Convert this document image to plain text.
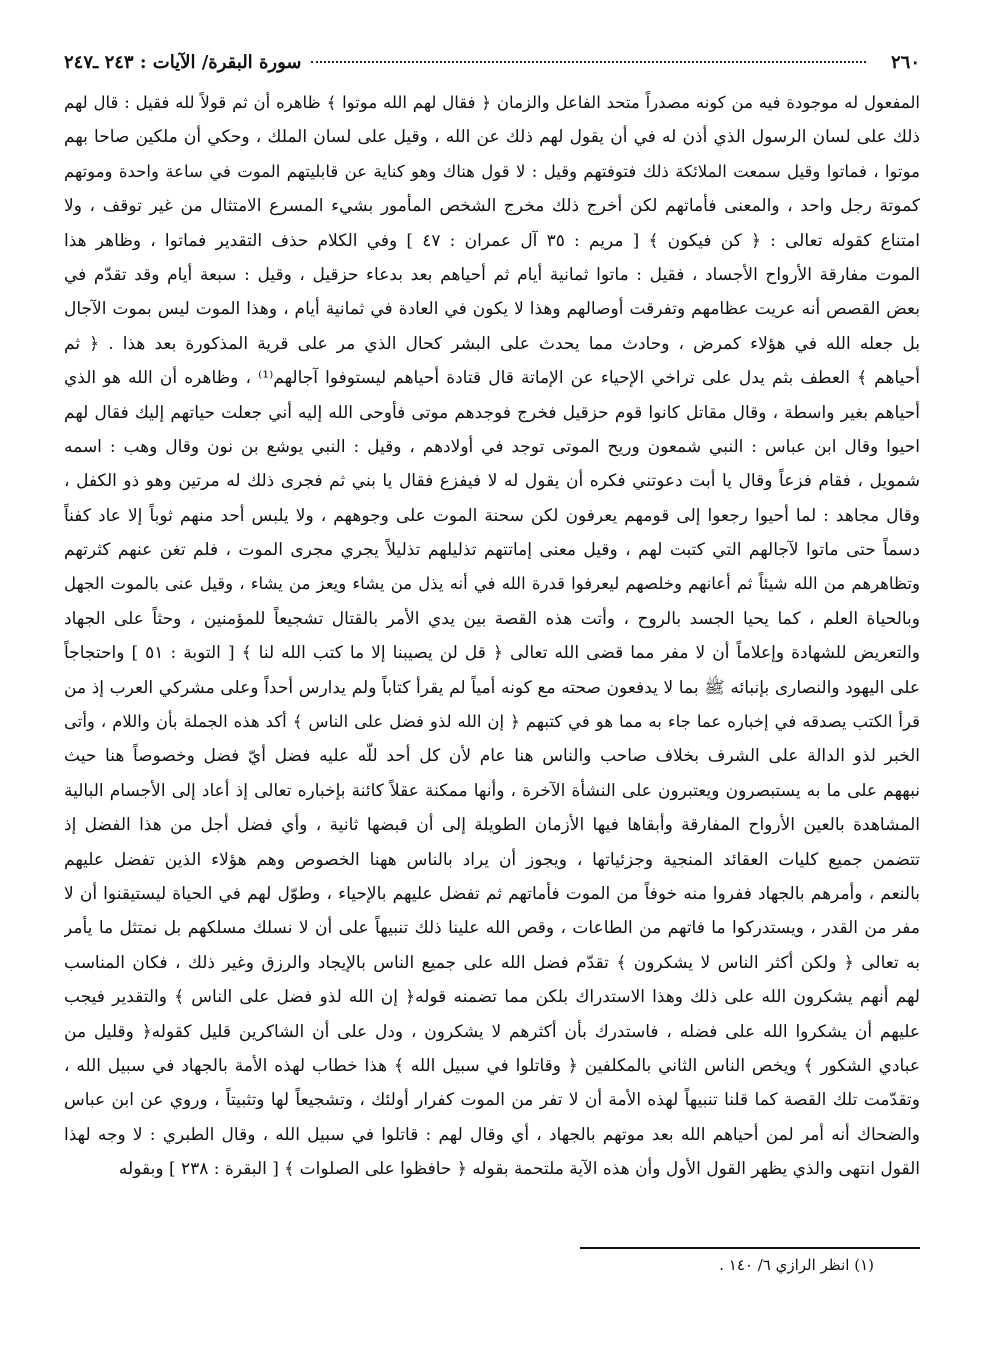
٢٦٠
سورة البقرة/ الآيات : ٢٤٣ ـ٢٤٧
المفعول له موجودة فيه من كونه مصدراً متحد الفاعل والزمان ﴿ فقال لهم الله موتوا ﴾ ظاهره أن ثم قولاً لله فقيل : قال لهم
ذلك على لسان الرسول الذي أذن له في أن يقول لهم ذلك عن الله ، وقيل على لسان الملك ، وحكي أن ملكين صاحا بهم
موتوا ، فماتوا وقيل سمعت الملائكة ذلك فتوفتهم وقيل : لا قول هناك وهو كناية عن قابليتهم الموت في ساعة واحدة وموتهم
كموتة رجل واحد ، والمعنى فأماتهم لكن أخرج ذلك مخرج الشخص المأمور بشيء المسرع الامتثال من غير توقف ، ولا
امتناع كقوله تعالى : ﴿ كن فيكون ﴾ [ مريم : ٣٥ آل عمران : ٤٧ ] وفي الكلام حذف التقدير فماتوا ، وظاهر هذا
الموت مفارقة الأرواح الأجساد ، فقيل : ماتوا ثمانية أيام ثم أحياهم بعد بدعاء حزقيل ، وقيل : سبعة أيام وقد تقدّم في
بعض القصص أنه عريت عظامهم وتفرقت أوصالهم وهذا لا يكون في العادة في ثمانية أيام ، وهذا الموت ليس بموت الآجال
بل جعله الله في هؤلاء كمرض ، وحادث مما يحدث على البشر كحال الذي مر على قرية المذكورة بعد هذا . ﴿ ثم
أحياهم ﴾ العطف بثم يدل على تراخي الإحياء عن الإماتة قال قتادة أحياهم ليستوفوا آجالهم⁽¹⁾ ، وظاهره أن الله هو الذي
أحياهم بغير واسطة ، وقال مقاتل كانوا قوم حزقيل فخرج فوجدهم موتى فأوحى الله إليه أني جعلت حياتهم إليك فقال لهم
احيوا وقال ابن عباس : النبي شمعون وريح الموتى توجد في أولادهم ، وقيل : النبي يوشع بن نون وقال وهب : اسمه
شمويل ، فقام فزعاً وقال يا أبت دعوتني فكره أن يقول له لا فيفزع فقال يا بني ثم فجرى ذلك له مرتين وهو ذو الكفل ،
وقال مجاهد : لما أحيوا رجعوا إلى قومهم يعرفون لكن سحنة الموت على وجوههم ، ولا يلبس أحد منهم ثوباً إلا عاد كفناً
دسماً حتى ماتوا لآجالهم التي كتبت لهم ، وقيل معنى إماتتهم تذليلهم تذليلاً يجري مجرى الموت ، فلم تغن عنهم كثرتهم
وتظاهرهم من الله شيئاً ثم أعانهم وخلصهم ليعرفوا قدرة الله في أنه يذل من يشاء ويعز من يشاء ، وقيل عنى بالموت الجهل
وبالحياة العلم ، كما يحيا الجسد بالروح ، وأتت هذه القصة بين يدي الأمر بالقتال تشجيعاً للمؤمنين ، وحثاً على الجهاد
والتعريض للشهادة وإعلاماً أن لا مفر مما قضى الله تعالى ﴿ قل لن يصيبنا إلا ما كتب الله لنا ﴾ [ التوبة : ٥١ ] واحتجاجاً
على اليهود والنصارى بإنبائه ﷺ بما لا يدفعون صحته مع كونه أمياً لم يقرأ كتاباً ولم يدارس أحداً وعلى مشركي العرب إذ من
قرأ الكتب يصدقه في إخباره عما جاء به مما هو في كتبهم ﴿ إن الله لذو فضل على الناس ﴾ أكد هذه الجملة بأن واللام ، وأتى
الخبر لذو الدالة على الشرف بخلاف صاحب والناس هنا عام لأن كل أحد للّه عليه فضل أيّ فضل وخصوصاً هنا حيث
نبههم على ما به يستبصرون ويعتبرون على النشأة الآخرة ، وأنها ممكنة عقلاً كائنة بإخباره تعالى إذ أعاد إلى الأجسام البالية
المشاهدة بالعين الأرواح المفارقة وأبقاها فيها الأزمان الطويلة إلى أن قبضها ثانية ، وأي فضل أجل من هذا الفضل إذ
تتضمن جميع كليات العقائد المنجية وجزئياتها ، ويجوز أن يراد بالناس ههنا الخصوص وهم هؤلاء الذين تفضل عليهم
بالنعم ، وأمرهم بالجهاد ففروا منه خوفاً من الموت فأماتهم ثم تفضل عليهم بالإحياء ، وطوّل لهم في الحياة ليستيقنوا أن لا
مفر من القدر ، ويستدركوا ما فاتهم من الطاعات ، وقص الله علينا ذلك تنبيهاً على أن لا نسلك مسلكهم بل نمتثل ما يأمر
به تعالى ﴿ ولكن أكثر الناس لا يشكرون ﴾ تقدّم فضل الله على جميع الناس بالإيجاد والرزق وغير ذلك ، فكان المناسب
لهم أنهم يشكرون الله على ذلك وهذا الاستدراك بلكن مما تضمنه قوله﴿ إن الله لذو فضل على الناس ﴾ والتقدير فيجب
عليهم أن يشكروا الله على فضله ، فاستدرك بأن أكثرهم لا يشكرون ، ودل على أن الشاكرين قليل كقوله﴿ وقليل من
عبادي الشكور ﴾ ويخص الناس الثاني بالمكلفين ﴿ وقاتلوا في سبيل الله ﴾ هذا خطاب لهذه الأمة بالجهاد في سبيل الله ،
وتقدّمت تلك القصة كما قلنا تنبيهاً لهذه الأمة أن لا تفر من الموت كفرار أولئك ، وتشجيعاً لها وتثبيتاً ، وروي عن ابن عباس
والضحاك أنه أمر لمن أحياهم الله بعد موتهم بالجهاد ، أي وقال لهم : قاتلوا في سبيل الله ، وقال الطبري : لا وجه لهذا
القول انتهى والذي يظهر القول الأول وأن هذه الآية ملتحمة بقوله ﴿ حافظوا على الصلوات ﴾ [ البقرة : ٢٣٨ ] وبقوله
(١) انظر الرازي ٦/ ١٤٠ .
